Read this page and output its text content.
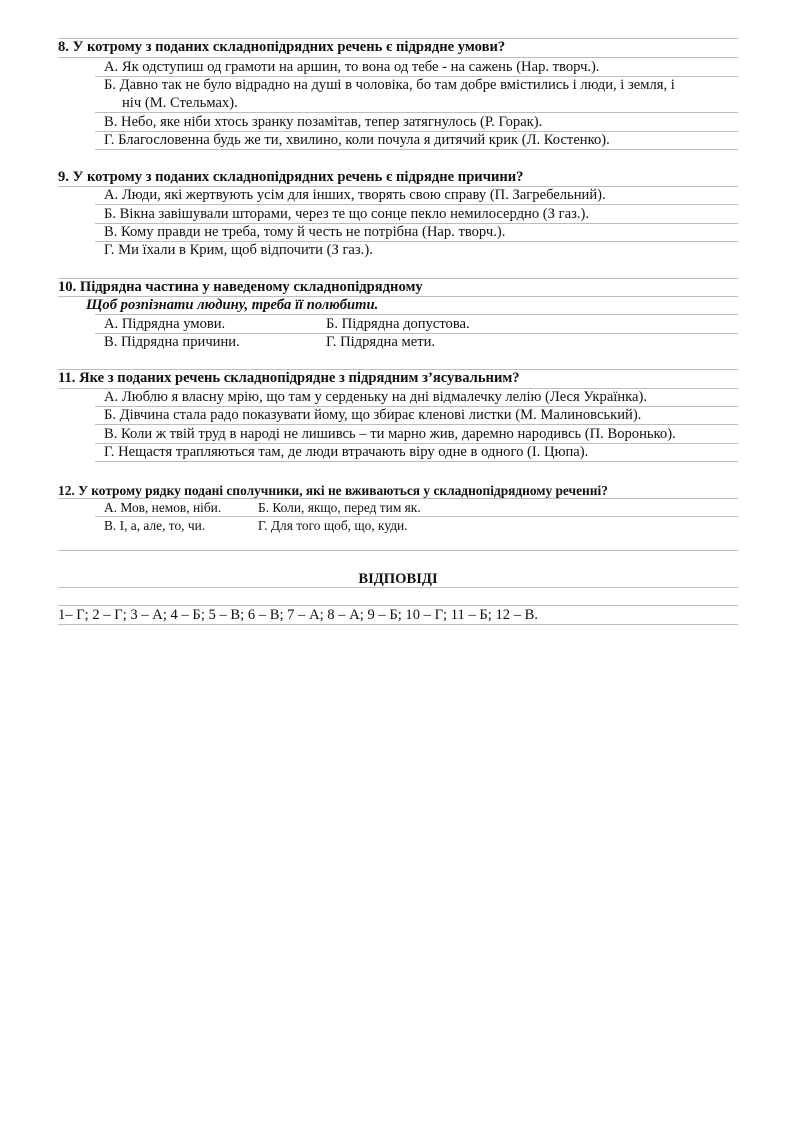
8. У котрому з поданих складнопідрядних речень є підрядне умови?
А. Як одступиш од грамоти на аршин, то вона од тебе - на сажень (Нар. творч.).
Б. Давно так не було відрадно на душі в чоловіка, бо там добре вмістились і люди, і земля, і
ніч (М. Стельмах).
В. Небо, яке ніби хтось зранку позамітав, тепер затягнулось (Р. Горак).
Г. Благословенна будь же ти, хвилино, коли почула я дитячий крик (Л. Костенко).
9. У котрому з поданих складнопідрядних речень є підрядне причини?
А. Люди, які жертвують усім для інших, творять свою справу (П. Загребельний).
Б. Вікна завішували шторами, через те що сонце пекло немилосердно (З газ.).
В. Кому правди не треба, тому й честь не потрібна (Нар. творч.).
Г. Ми їхали в Крим, щоб відпочити (З газ.).
10. Підрядна частина у наведеному складнопідрядному
Щоб розпізнати людину, треба її полюбити.
А. Підрядна умови.	Б. Підрядна допустова.
В. Підрядна причини.	Г. Підрядна мети.
11. Яке з поданих речень складнопідрядне з підрядним з’ясувальним?
А. Люблю я власну мрію, що там у серденьку на дні відмалечку лелію (Леся Українка).
Б. Дівчина стала радо показувати йому, що збирає кленові листки (М. Малиновський).
В. Коли ж твій труд в народі не лишивсь – ти марно жив, даремно народивсь (П. Воронько).
Г. Нещастя трапляються там, де люди втрачають віру одне в одного (І. Цюпа).
12. У котрому рядку подані сполучники, які не вживаються у складнопідрядному реченні?
А. Мов, немов, ніби.	Б. Коли, якщо, перед тим як.
В. І, а, але, то, чи.	Г. Для того щоб, що, куди.
ВІДПОВІДІ
1– Г; 2 – Г; 3 – А; 4 – Б; 5 – В; 6 – В; 7 – А; 8 – А; 9 – Б; 10 – Г; 11 – Б; 12 – В.
